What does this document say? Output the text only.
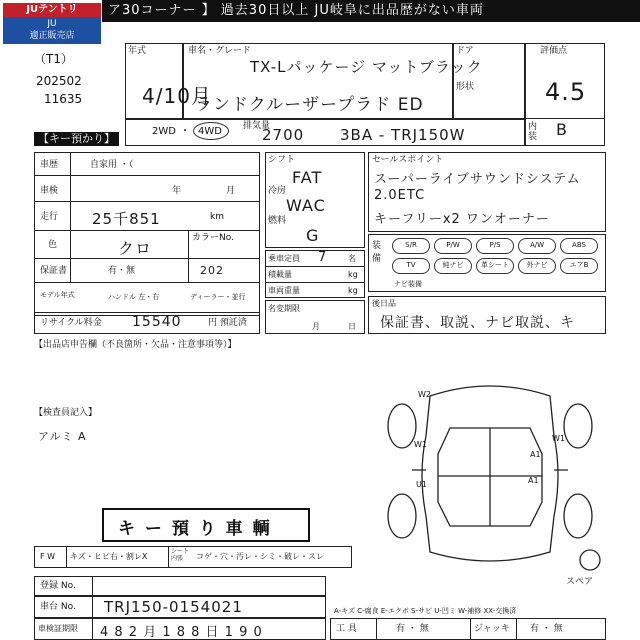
JUテントリ
JU
適正販売店
ア30コーナー 】 過去30日以上 JU岐阜に出品歴がない車両
（T1）
202502
11635
【キー預かり】
年式
4/10月
車名・グレード
TX-Lパッケージ マットブラック
ランドクルーザープラド ED
ドア
形状
評価点
4.5
内装 B
2WD ・ 4WD 排気量
2700 3BA - TRJ150W
車歴	自家用 ・（
車検	年	月
走行 25千851	km
色	クロ
カラーNo.
202
保証書	有・無
モデル年式	ハンドル 左・右	ディーラー・並行
リサイクル料金 15540	円 預託済
シフト
FAT
冷房
WAC
燃料
G
乗車定員 7	名
積載量	kg
車両重量	kg
名変期限
月	日
セールスポイント
スーパーライブサウンドシステム
2.0ETC
キーフリーx2 ワンオーナー
装備
S/R	P/W	P/S	A/W	ABS
TV	純ナビ	革シート	外ナビ	エアB
ナビ装備
後日品
保証書、取説、ナビ取説、キ
【出品店申告欄（不良箇所・欠品・注意事項等）】
【検査員記入】
アルミ A
キ ー 預 り 車 輌
W2
W1
W1
A1
A1
U1
スペア
F W キズ・ヒビ右・割レX
シート内張	コゲ・穴・汚レ・シミ・破レ・スレ
登録 No.
車台 No. TRJ150-0154021
車検証期限 4 8 2 月 1 8 8 日 1 9 0
A-キズ C-腐食 E-エクボ S-サビ U-凹ミ W-補修 XX-交換済
工 具	有 ・ 無	ジャッキ 有 ・ 無
